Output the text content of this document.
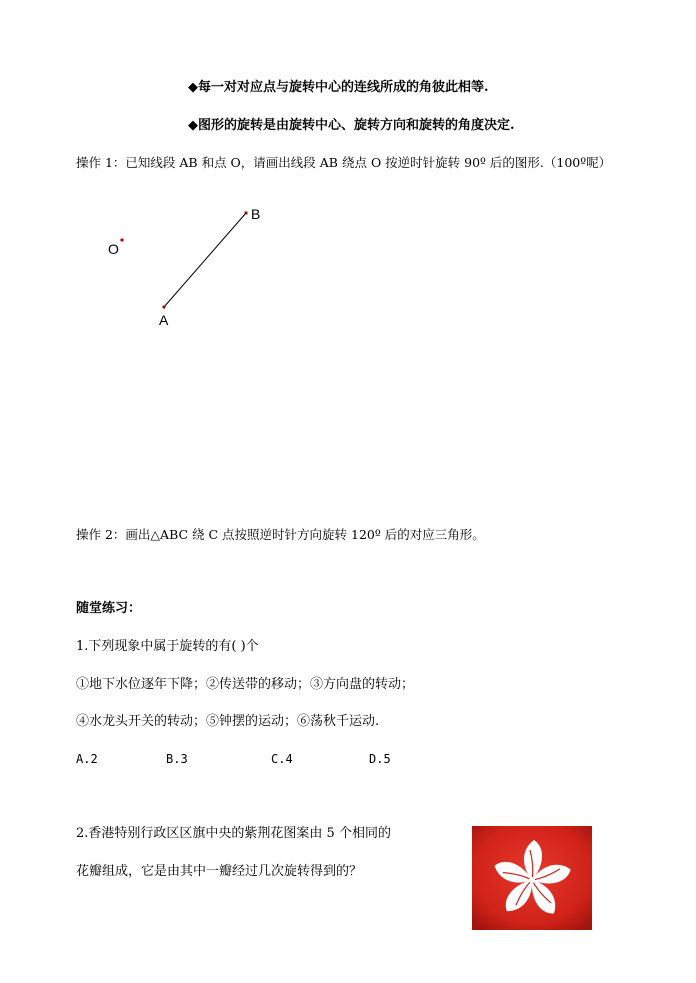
◆每一对对应点与旋转中心的连线所成的角彼此相等.
◆图形的旋转是由旋转中心、旋转方向和旋转的角度决定.
操作 1：已知线段 AB 和点 O，请画出线段 AB 绕点 O 按逆时针旋转 90º 后的图形.（100º呢）
O
A
B
操作 2：画出△ABC 绕 C 点按照逆时针方向旋转 120º 后的对应三角形。
随堂练习：
1.下列现象中属于旋转的有( )个
①地下水位逐年下降；②传送带的移动；③方向盘的转动；
④水龙头开关的转动；⑤钟摆的运动；⑥荡秋千运动.
A.2	B.3	C.4	D.5
2.香港特别行政区区旗中央的紫荆花图案由 5 个相同的
花瓣组成，它是由其中一瓣经过几次旋转得到的？
